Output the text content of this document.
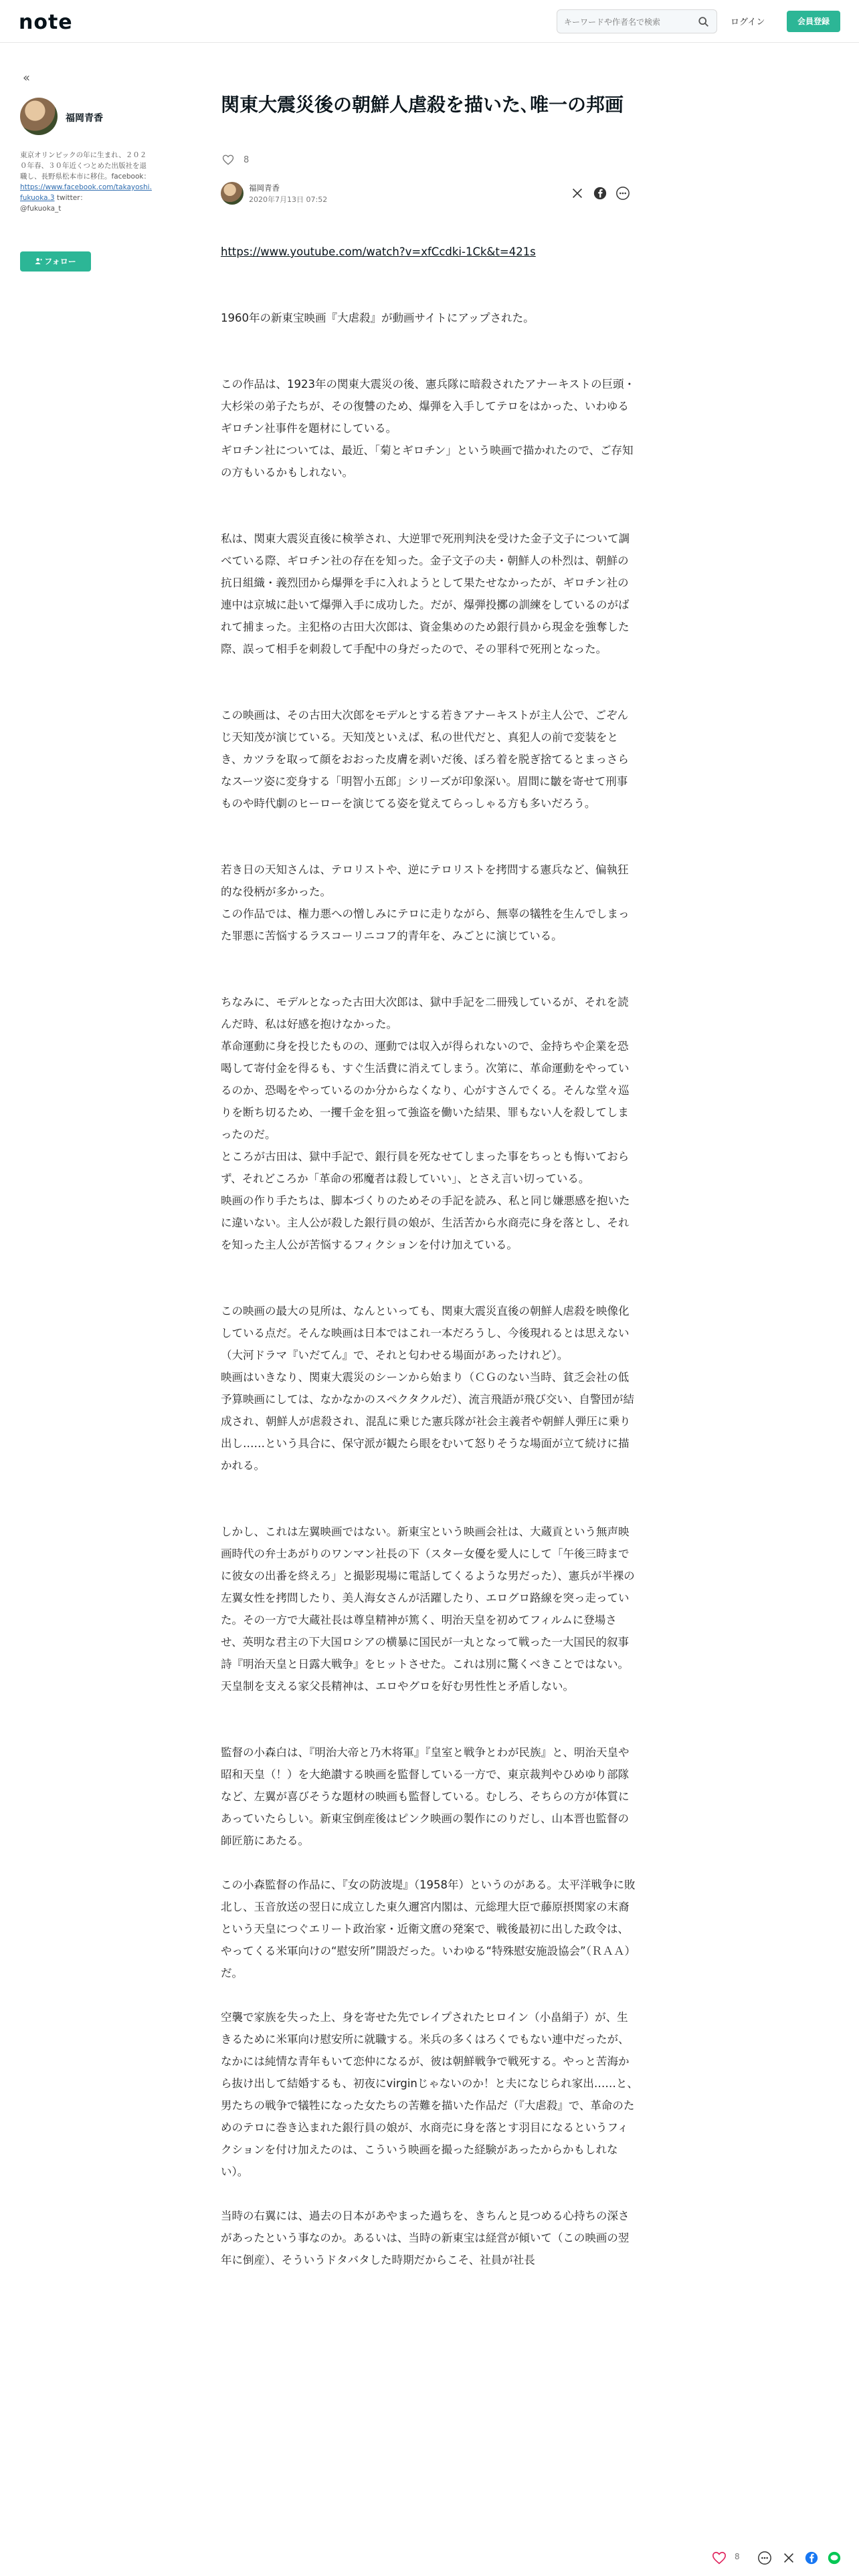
note
キーワードや作者名で検索	ログイン	会員登録
«
福岡青香
東京オリンピックの年に生まれ、２０２０年春、３０年近くつとめた出版社を退職し、長野県松本市に移住。facebook：
https://www.facebook.com/takayoshi.fukuoka.3 twitter：
@fukuoka_t
フォロー
関東大震災後の朝鮮人虐殺を描いた､唯一の邦画
8
福岡青香
2020年7月13日 07:52

https://www.youtube.com/watch?v=xfCcdki-1Ck&t=421s

1960年の新東宝映画『大虐殺』が動画サイトにアップされた。

この作品は、1923年の関東大震災の後、憲兵隊に暗殺されたアナーキストの巨頭・大杉栄の弟子たちが、その復讐のため、爆弾を入手してテロをはかった、いわゆるギロチン社事件を題材にしている。
ギロチン社については、最近、「菊とギロチン」という映画で描かれたので、ご存知の方もいるかもしれない。

私は、関東大震災直後に検挙され、大逆罪で死刑判決を受けた金子文子について調べている際、ギロチン社の存在を知った。金子文子の夫・朝鮮人の朴烈は、朝鮮の抗日組織・義烈団から爆弾を手に入れようとして果たせなかったが、ギロチン社の連中は京城に赴いて爆弾入手に成功した。だが、爆弾投擲の訓練をしているのがばれて捕まった。主犯格の古田大次郎は、資金集めのため銀行員から現金を強奪した際、誤って相手を刺殺して手配中の身だったので、その罪科で死刑となった。

この映画は、その古田大次郎をモデルとする若きアナーキストが主人公で、ごぞんじ天知茂が演じている。天知茂といえば、私の世代だと、真犯人の前で変装をとき、カツラを取って顔をおおった皮膚を剥いだ後、ぼろ着を脱ぎ捨てるとまっさらなスーツ姿に変身する「明智小五郎」シリーズが印象深い。眉間に皺を寄せて刑事ものや時代劇のヒーローを演じてる姿を覚えてらっしゃる方も多いだろう。

若き日の天知さんは、テロリストや、逆にテロリストを拷問する憲兵など、偏執狂的な役柄が多かった。
この作品では、権力悪への憎しみにテロに走りながら、無辜の犠牲を生んでしまった罪悪に苦悩するラスコーリニコフ的青年を、みごとに演じている。

ちなみに、モデルとなった古田大次郎は、獄中手記を二冊残しているが、それを読んだ時、私は好感を抱けなかった。
革命運動に身を投じたものの、運動では収入が得られないので、金持ちや企業を恐喝して寄付金を得るも、すぐ生活費に消えてしまう。次第に、革命運動をやっているのか、恐喝をやっているのか分からなくなり、心がすさんでくる。そんな堂々巡りを断ち切るため、一攫千金を狙って強盗を働いた結果、罪もない人を殺してしまったのだ。
ところが古田は、獄中手記で、銀行員を死なせてしまった事をちっとも悔いておらず、それどころか「革命の邪魔者は殺していい」、とさえ言い切っている。
映画の作り手たちは、脚本づくりのためその手記を読み、私と同じ嫌悪感を抱いたに違いない。主人公が殺した銀行員の娘が、生活苦から水商売に身を落とし、それを知った主人公が苦悩するフィクションを付け加えている。

この映画の最大の見所は、なんといっても、関東大震災直後の朝鮮人虐殺を映像化している点だ。そんな映画は日本ではこれ一本だろうし、今後現れるとは思えない（大河ドラマ『いだてん』で、それと匂わせる場面があったけれど）。
映画はいきなり、関東大震災のシーンから始まり（ＣＧのない当時、貧乏会社の低予算映画にしては、なかなかのスペクタクルだ）、流言飛語が飛び交い、自警団が結成され、朝鮮人が虐殺され、混乱に乗じた憲兵隊が社会主義者や朝鮮人弾圧に乗り出し……という具合に、保守派が観たら眼をむいて怒りそうな場面が立て続けに描かれる。

しかし、これは左翼映画ではない。新東宝という映画会社は、大蔵貢という無声映画時代の弁士あがりのワンマン社長の下（スター女優を愛人にして「午後三時までに彼女の出番を終えろ」と撮影現場に電話してくるような男だった）、憲兵が半裸の左翼女性を拷問したり、美人海女さんが活躍したり、エログロ路線を突っ走っていた。その一方で大蔵社長は尊皇精神が篤く、明治天皇を初めてフィルムに登場させ、英明な君主の下大国ロシアの横暴に国民が一丸となって戦った一大国民的叙事詩『明治天皇と日露大戦争』をヒットさせた。これは別に驚くべきことではない。天皇制を支える家父長精神は、エロやグロを好む男性性と矛盾しない。

監督の小森白は、『明治大帝と乃木将軍』『皇室と戦争とわが民族』と、明治天皇や昭和天皇（！）を大絶讃する映画を監督している一方で、東京裁判やひめゆり部隊など、左翼が喜びそうな題材の映画も監督している。むしろ、そちらの方が体質にあっていたらしい。新東宝倒産後はピンク映画の製作にのりだし、山本晋也監督の師匠筋にあたる。

この小森監督の作品に、『女の防波堤』（1958年）というのがある。太平洋戦争に敗北し、玉音放送の翌日に成立した東久邇宮内閣は、元総理大臣で藤原摂関家の末裔という天皇につぐエリート政治家・近衛文麿の発案で、戦後最初に出した政令は、やってくる米軍向けの“慰安所”開設だった。いわゆる“特殊慰安施設協会”（ＲＡＡ）だ。

空襲で家族を失った上、身を寄せた先でレイプされたヒロイン（小畠絹子）が、生きるために米軍向け慰安所に就職する。米兵の多くはろくでもない連中だったが、なかには純情な青年もいて恋仲になるが、彼は朝鮮戦争で戦死する。やっと苦海から抜け出して結婚するも、初夜にvirginじゃないのか！と夫になじられ家出……と、男たちの戦争で犠牲になった女たちの苦難を描いた作品だ（『大虐殺』で、革命のためのテロに巻き込まれた銀行員の娘が、水商売に身を落とす羽目になるというフィクションを付け加えたのは、こういう映画を撮った経験があったからかもしれない）。

当時の右翼には、過去の日本があやまった過ちを、きちんと見つめる心持ちの深さがあったという事なのか。あるいは、当時の新東宝は経営が傾いて（この映画の翌年に倒産）、そういうドタバタした時期だからこそ、社員が社長

8
